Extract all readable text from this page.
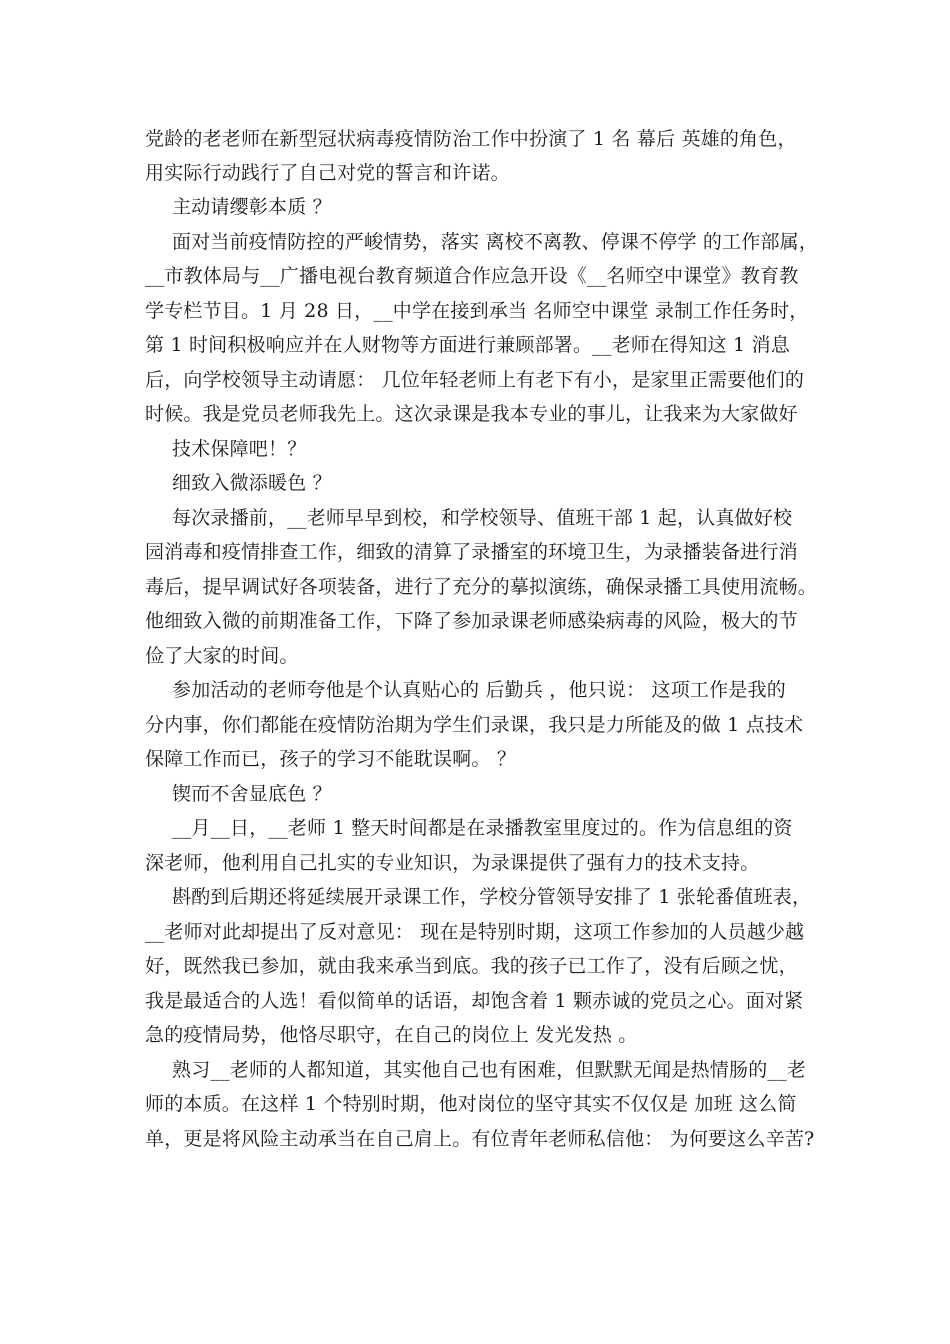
党龄的老老师在新型冠状病毒疫情防治工作中扮演了 1 名 幕后 英雄的角色，

用实际行动践行了自己对党的誓言和许诺。

主动请缨彰本质 ？

面对当前疫情防控的严峻情势，落实 离校不离教、停课不停学 的工作部属，

__市教体局与__广播电视台教育频道合作应急开设《__名师空中课堂》教育教

学专栏节目。1 月 28 日，__中学在接到承当 名师空中课堂 录制工作任务时，

第 1 时间积极响应并在人财物等方面进行兼顾部署。__老师在得知这 1 消息

后，向学校领导主动请愿： 几位年轻老师上有老下有小，是家里正需要他们的

时候。我是党员老师我先上。这次录课是我本专业的事儿，让我来为大家做好

技术保障吧！？

细致入微添暖色 ？

每次录播前，__老师早早到校，和学校领导、值班干部 1 起，认真做好校

园消毒和疫情排查工作，细致的清算了录播室的环境卫生，为录播装备进行消

毒后，提早调试好各项装备，进行了充分的摹拟演练，确保录播工具使用流畅。

他细致入微的前期准备工作，下降了参加录课老师感染病毒的风险，极大的节

俭了大家的时间。

参加活动的老师夸他是个认真贴心的 后勤兵 ，他只说： 这项工作是我的

分内事，你们都能在疫情防治期为学生们录课，我只是力所能及的做 1 点技术

保障工作而已，孩子的学习不能耽误啊。 ？

锲而不舍显底色 ？

__月__日，__老师 1 整天时间都是在录播教室里度过的。作为信息组的资

深老师，他利用自己扎实的专业知识，为录课提供了强有力的技术支持。

斟酌到后期还将延续展开录课工作，学校分管领导安排了 1 张轮番值班表，

__老师对此却提出了反对意见： 现在是特别时期，这项工作参加的人员越少越

好，既然我已参加，就由我来承当到底。我的孩子已工作了，没有后顾之忧，

我是最适合的人选！看似简单的话语，却饱含着 1 颗赤诚的党员之心。面对紧

急的疫情局势，他恪尽职守，在自己的岗位上 发光发热 。

熟习__老师的人都知道，其实他自己也有困难，但默默无闻是热情肠的__老

师的本质。在这样 1 个特别时期，他对岗位的坚守其实不仅仅是 加班 这么简

单，更是将风险主动承当在自己肩上。有位青年老师私信他： 为何要这么辛苦?
